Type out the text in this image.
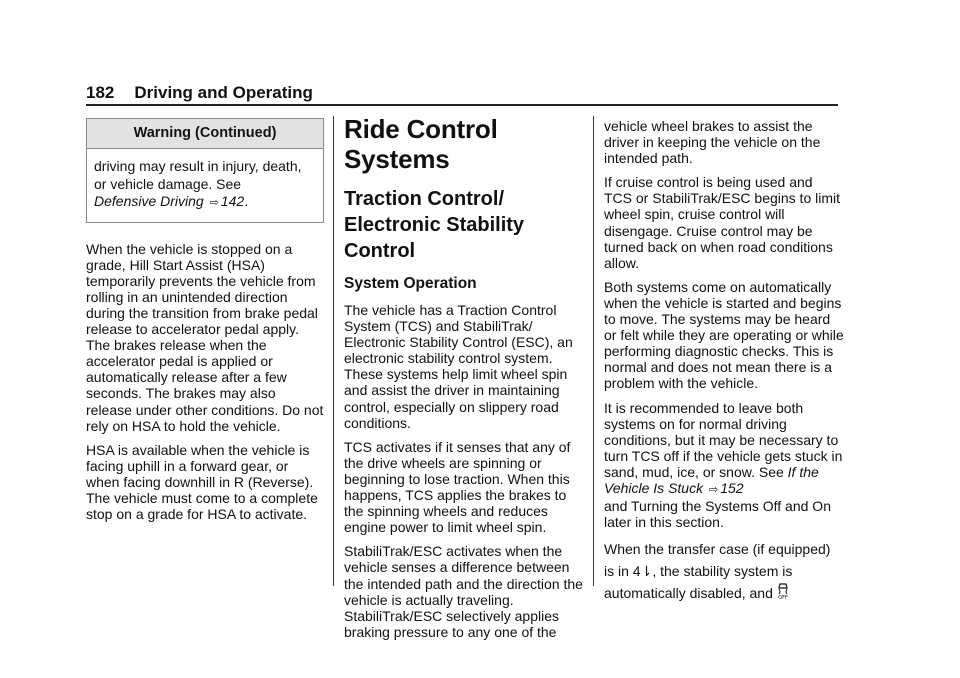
182 Driving and Operating
Warning (Continued)
driving may result in injury, death, or vehicle damage. See
Defensive Driving ⇨ 142.

When the vehicle is stopped on a grade, Hill Start Assist (HSA) temporarily prevents the vehicle from rolling in an unintended direction during the transition from brake pedal release to accelerator pedal apply. The brakes release when the accelerator pedal is applied or automatically release after a few seconds. The brakes may also release under other conditions. Do not rely on HSA to hold the vehicle.

HSA is available when the vehicle is facing uphill in a forward gear, or when facing downhill in R (Reverse). The vehicle must come to a complete stop on a grade for HSA to activate.

Ride Control Systems
Traction Control/ Electronic Stability Control
System Operation

The vehicle has a Traction Control System (TCS) and StabiliTrak/ Electronic Stability Control (ESC), an electronic stability control system. These systems help limit wheel spin and assist the driver in maintaining control, especially on slippery road conditions.

TCS activates if it senses that any of the drive wheels are spinning or beginning to lose traction. When this happens, TCS applies the brakes to the spinning wheels and reduces engine power to limit wheel spin.

StabiliTrak/ESC activates when the vehicle senses a difference between the intended path and the direction the vehicle is actually traveling. StabiliTrak/ESC selectively applies braking pressure to any one of the

vehicle wheel brakes to assist the driver in keeping the vehicle on the intended path.

If cruise control is being used and TCS or StabiliTrak/ESC begins to limit wheel spin, cruise control will disengage. Cruise control may be turned back on when road conditions allow.

Both systems come on automatically when the vehicle is started and begins to move. The systems may be heard or felt while they are operating or while performing diagnostic checks. This is normal and does not mean there is a problem with the vehicle.

It is recommended to leave both systems on for normal driving conditions, but it may be necessary to turn TCS off if the vehicle gets stuck in sand, mud, ice, or snow. See If the Vehicle Is Stuck ⇨ 152
and Turning the Systems Off and On later in this section.

When the transfer case (if equipped)
is in 4⇂, the stability system is
automatically disabled, and OFF
